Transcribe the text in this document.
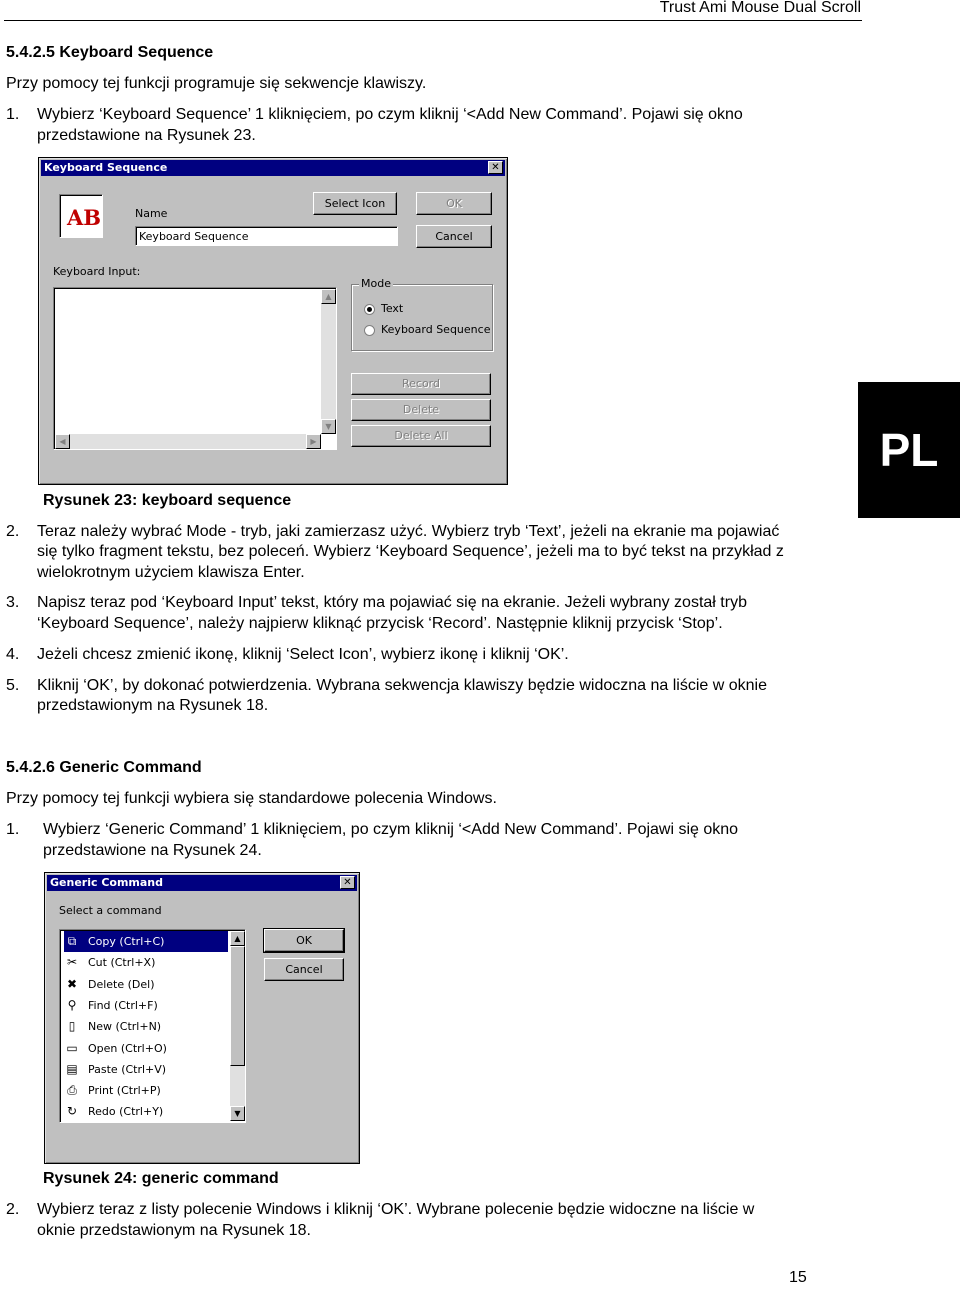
Trust Ami Mouse Dual Scroll
PL
5.4.2.5 Keyboard Sequence
Przy pomocy tej funkcji programuje się sekwencje klawiszy.
1. Wybierz ‘Keyboard Sequence’ 1 kliknięciem, po czym kliknij ‘<Add New Command’. Pojawi się okno
przedstawione na Rysunek 23.
Keyboard Sequence	✕
AB	Name
Keyboard Sequence
Select Icon	OK
Cancel
Keyboard Input:
▲
▼
◀	▶
Mode
Text
Keyboard Sequence
Record
Delete
Delete All
Rysunek 23: keyboard sequence
2. Teraz należy wybrać Mode - tryb, jaki zamierzasz użyć. Wybierz tryb ‘Text’, jeżeli na ekranie ma pojawiać
się tylko fragment tekstu, bez poleceń. Wybierz ‘Keyboard Sequence’, jeżeli ma to być tekst na przykład z
wielokrotnym użyciem klawisza Enter.
3. Napisz teraz pod ‘Keyboard Input’ tekst, który ma pojawiać się na ekranie. Jeżeli wybrany został tryb
‘Keyboard Sequence’, należy najpierw kliknąć przycisk ‘Record’. Następnie kliknij przycisk ‘Stop’.
4. Jeżeli chcesz zmienić ikonę, kliknij ‘Select Icon’, wybierz ikonę i kliknij ‘OK’.
5. Kliknij ‘OK’, by dokonać potwierdzenia. Wybrana sekwencja klawiszy będzie widoczna na liście w oknie
przedstawionym na Rysunek 18.
5.4.2.6 Generic Command
Przy pomocy tej funkcji wybiera się standardowe polecenia Windows.
1. Wybierz ‘Generic Command’ 1 kliknięciem, po czym kliknij ‘<Add New Command’. Pojawi się okno
przedstawione na Rysunek 24.
Generic Command	✕
Select a command
⧉ Copy (Ctrl+C)
✂ Cut (Ctrl+X)
✖ Delete (Del)
⚲ Find (Ctrl+F)
▯ New (Ctrl+N)
▭ Open (Ctrl+O)
▤ Paste (Ctrl+V)
⎙ Print (Ctrl+P)
↻ Redo (Ctrl+Y)
▲
▼
OK
Cancel
Rysunek 24: generic command
2. Wybierz teraz z listy polecenie Windows i kliknij ‘OK’. Wybrane polecenie będzie widoczne na liście w
oknie przedstawionym na Rysunek 18.
15
